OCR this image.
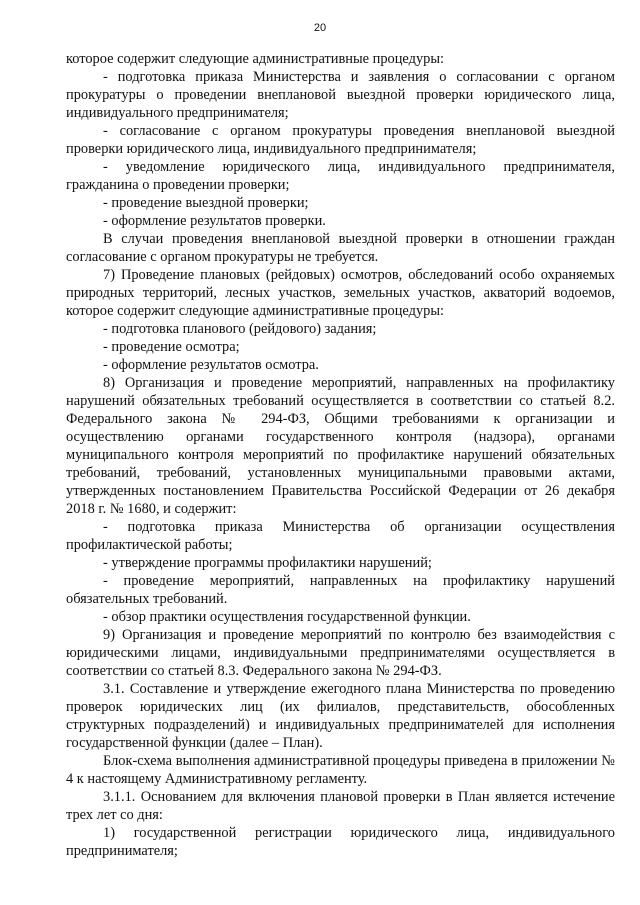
20

которое содержит следующие административные процедуры:

- подготовка приказа Министерства и заявления о согласовании с органом прокуратуры о проведении внеплановой выездной проверки юридического лица, индивидуального предпринимателя;

- согласование с органом прокуратуры проведения внеплановой выездной проверки юридического лица, индивидуального предпринимателя;

- уведомление юридического лица, индивидуального предпринимателя, гражданина о проведении проверки;

- проведение выездной проверки;

- оформление результатов проверки.

В случаи проведения внеплановой выездной проверки в отношении граждан согласование с органом прокуратуры не требуется.

7) Проведение плановых (рейдовых) осмотров, обследований особо охраняемых природных территорий, лесных участков, земельных участков, акваторий водоемов, которое содержит следующие административные процедуры:

- подготовка планового (рейдового) задания;

- проведение осмотра;

- оформление результатов осмотра.

8) Организация и проведение мероприятий, направленных на профилактику нарушений обязательных требований осуществляется в соответствии со статьей 8.2. Федерального закона № 294-ФЗ, Общими требованиями к организации и осуществлению органами государственного контроля (надзора), органами муниципального контроля мероприятий по профилактике нарушений обязательных требований, требований, установленных муниципальными правовыми актами, утвержденных постановлением Правительства Российской Федерации от 26 декабря 2018 г. № 1680, и содержит:

- подготовка приказа Министерства об организации осуществления профилактической работы;

- утверждение программы профилактики нарушений;

- проведение мероприятий, направленных на профилактику нарушений обязательных требований.

- обзор практики осуществления государственной функции.

9) Организация и проведение мероприятий по контролю без взаимодействия с юридическими лицами, индивидуальными предпринимателями осуществляется в соответствии со статьей 8.3. Федерального закона № 294-ФЗ.

3.1. Составление и утверждение ежегодного плана Министерства по проведению проверок юридических лиц (их филиалов, представительств, обособленных структурных подразделений) и индивидуальных предпринимателей для исполнения государственной функции (далее – План).

Блок-схема выполнения административной процедуры приведена в приложении № 4 к настоящему Административному регламенту.

3.1.1. Основанием для включения плановой проверки в План является истечение трех лет со дня:

1) государственной регистрации юридического лица, индивидуального предпринимателя;
